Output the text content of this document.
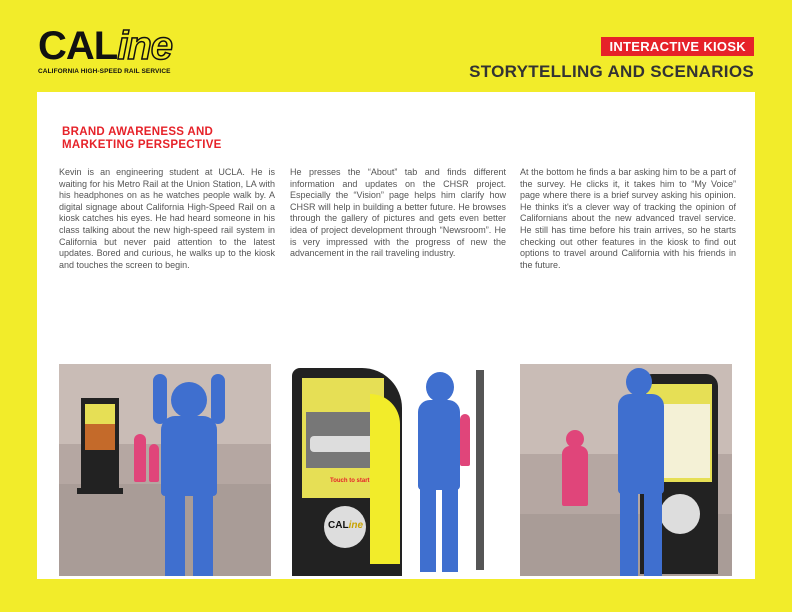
CALine
CALIFORNIA HIGH-SPEED RAIL SERVICE
INTERACTIVE KIOSK
STORYTELLING AND SCENARIOS
BRAND AWARENESS AND
MARKETING PERSPECTIVE
Kevin is an engineering student at UCLA. He is waiting for his Metro Rail at the Union Station, LA with his headphones on as he watches people walk by. A digital signage about California High-Speed Rail on a kiosk catches his eyes. He had heard someone in his class talking about the new high-speed rail system in California but never paid attention to the latest updates. Bored and curious, he walks up to the kiosk and touches the screen to begin.
He presses the “About” tab and finds different information and updates on the CHSR project. Especially the “Vision” page helps him clarify how CHSR will help in building a better future. He browses through the gallery of pictures and gets even better idea of project development through “Newsroom”. He is very impressed with the progress of new the advancement in the rail traveling industry.
At the bottom he finds a bar asking him to be a part of the survey. He clicks it, it takes him to “My Voice” page where there is a brief survey asking his opinion. He thinks it's a clever way of tracking the opinion of Californians about the new advanced travel service. He still has time before his train arrives, so he starts checking out other features in the kiosk to find out options to travel around California with his friends in the future.
Touch to start
CALine
